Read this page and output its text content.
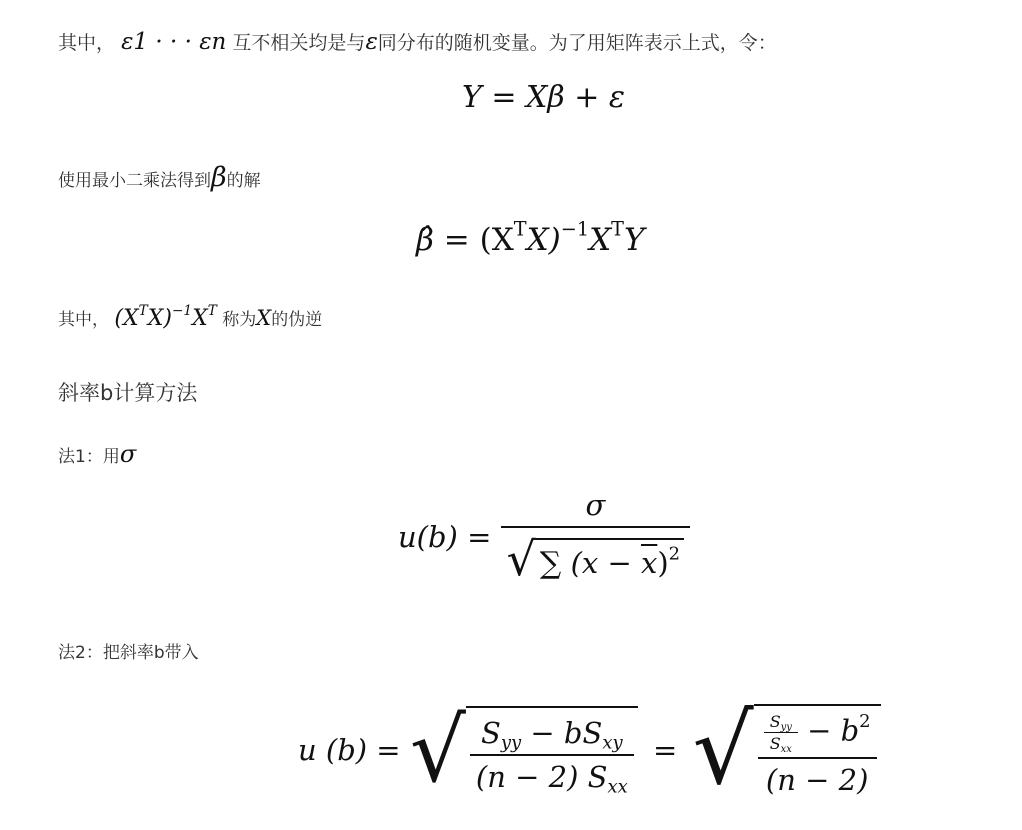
其中， ε1 · · · εn 互不相关均是与ε同分布的随机变量。为了用矩阵表示上式，令：
Y = Xβ + ε
使用最小二乘法得到β的解
β̂ = $(X^TX)^{-1}X^TY$
其中， $(X^TX)^{-1}X^T$ 称为X的伪逆
斜率b计算方法
法1：用σ
$u(b) = \frac{\sigma}{√ \sum (x - \overline{x})^2}$
法2：把斜率b带入
u (b) = √ $\frac{S_{yy} - bS_{xy}}{(n - 2) S_{xx}}$ = √ $\frac{\frac{S_{yy}}{S_{xx}} - b^2}{(n - 2)}$
